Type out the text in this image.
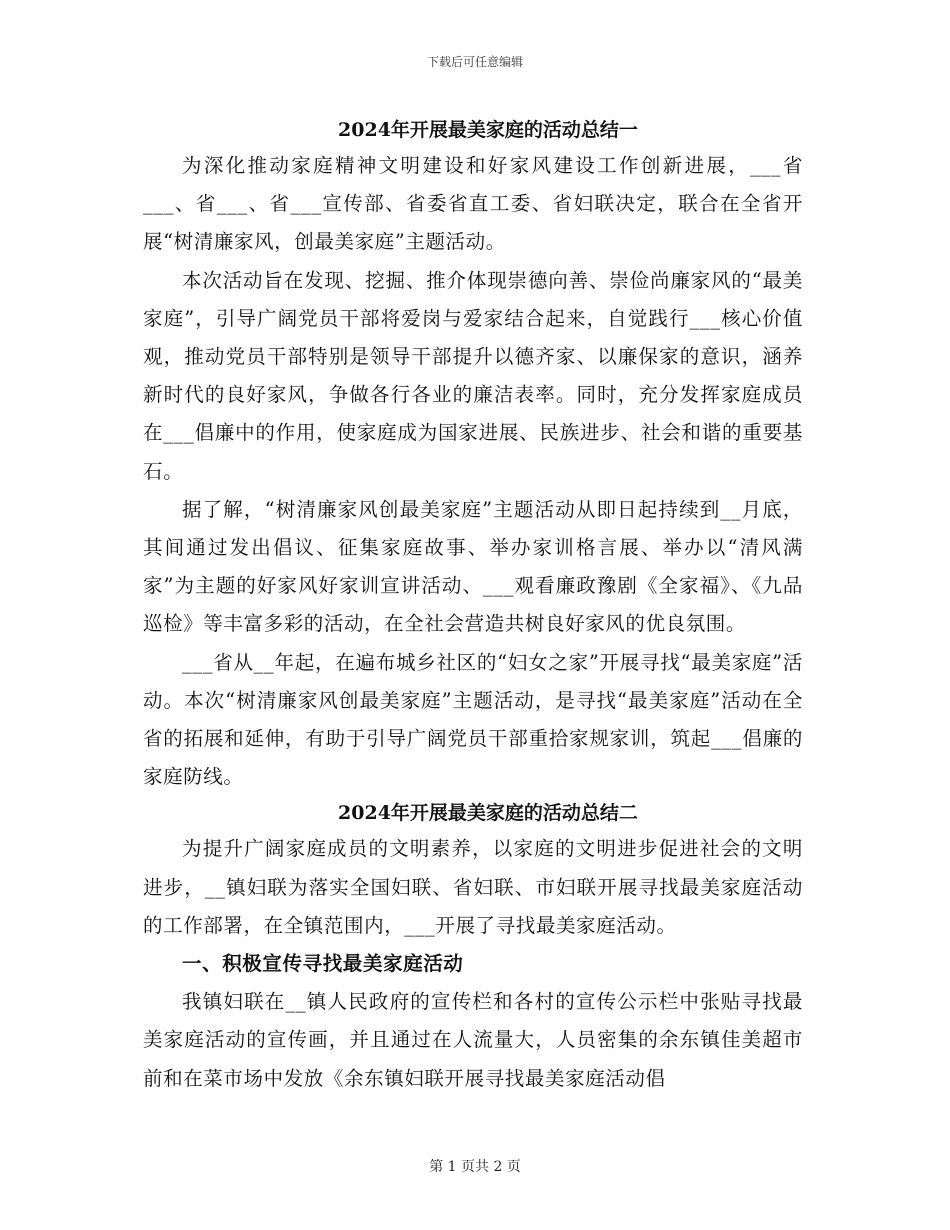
下载后可任意编辑
2024年开展最美家庭的活动总结一

为深化推动家庭精神文明建设和好家风建设工作创新进展，___省___、省___、省___宣传部、省委省直工委、省妇联决定，联合在全省开展“树清廉家风，创最美家庭”主题活动。

本次活动旨在发现、挖掘、推介体现崇德向善、崇俭尚廉家风的“最美家庭”，引导广阔党员干部将爱岗与爱家结合起来，自觉践行___核心价值观，推动党员干部特别是领导干部提升以德齐家、以廉保家的意识，涵养新时代的良好家风，争做各行各业的廉洁表率。同时，充分发挥家庭成员在___倡廉中的作用，使家庭成为国家进展、民族进步、社会和谐的重要基石。

据了解，“树清廉家风创最美家庭”主题活动从即日起持续到__月底，其间通过发出倡议、征集家庭故事、举办家训格言展、举办以“清风满家”为主题的好家风好家训宣讲活动、___观看廉政豫剧《全家福》、《九品巡检》等丰富多彩的活动，在全社会营造共树良好家风的优良氛围。

___省从__年起，在遍布城乡社区的“妇女之家”开展寻找“最美家庭”活动。本次“树清廉家风创最美家庭”主题活动，是寻找“最美家庭”活动在全省的拓展和延伸，有助于引导广阔党员干部重拾家规家训，筑起___倡廉的家庭防线。

2024年开展最美家庭的活动总结二

为提升广阔家庭成员的文明素养，以家庭的文明进步促进社会的文明进步，__镇妇联为落实全国妇联、省妇联、市妇联开展寻找最美家庭活动的工作部署，在全镇范围内，___开展了寻找最美家庭活动。

一、积极宣传寻找最美家庭活动

我镇妇联在__镇人民政府的宣传栏和各村的宣传公示栏中张贴寻找最美家庭活动的宣传画，并且通过在人流量大，人员密集的余东镇佳美超市前和在菜市场中发放《余东镇妇联开展寻找最美家庭活动倡

第 1 页共 2 页
